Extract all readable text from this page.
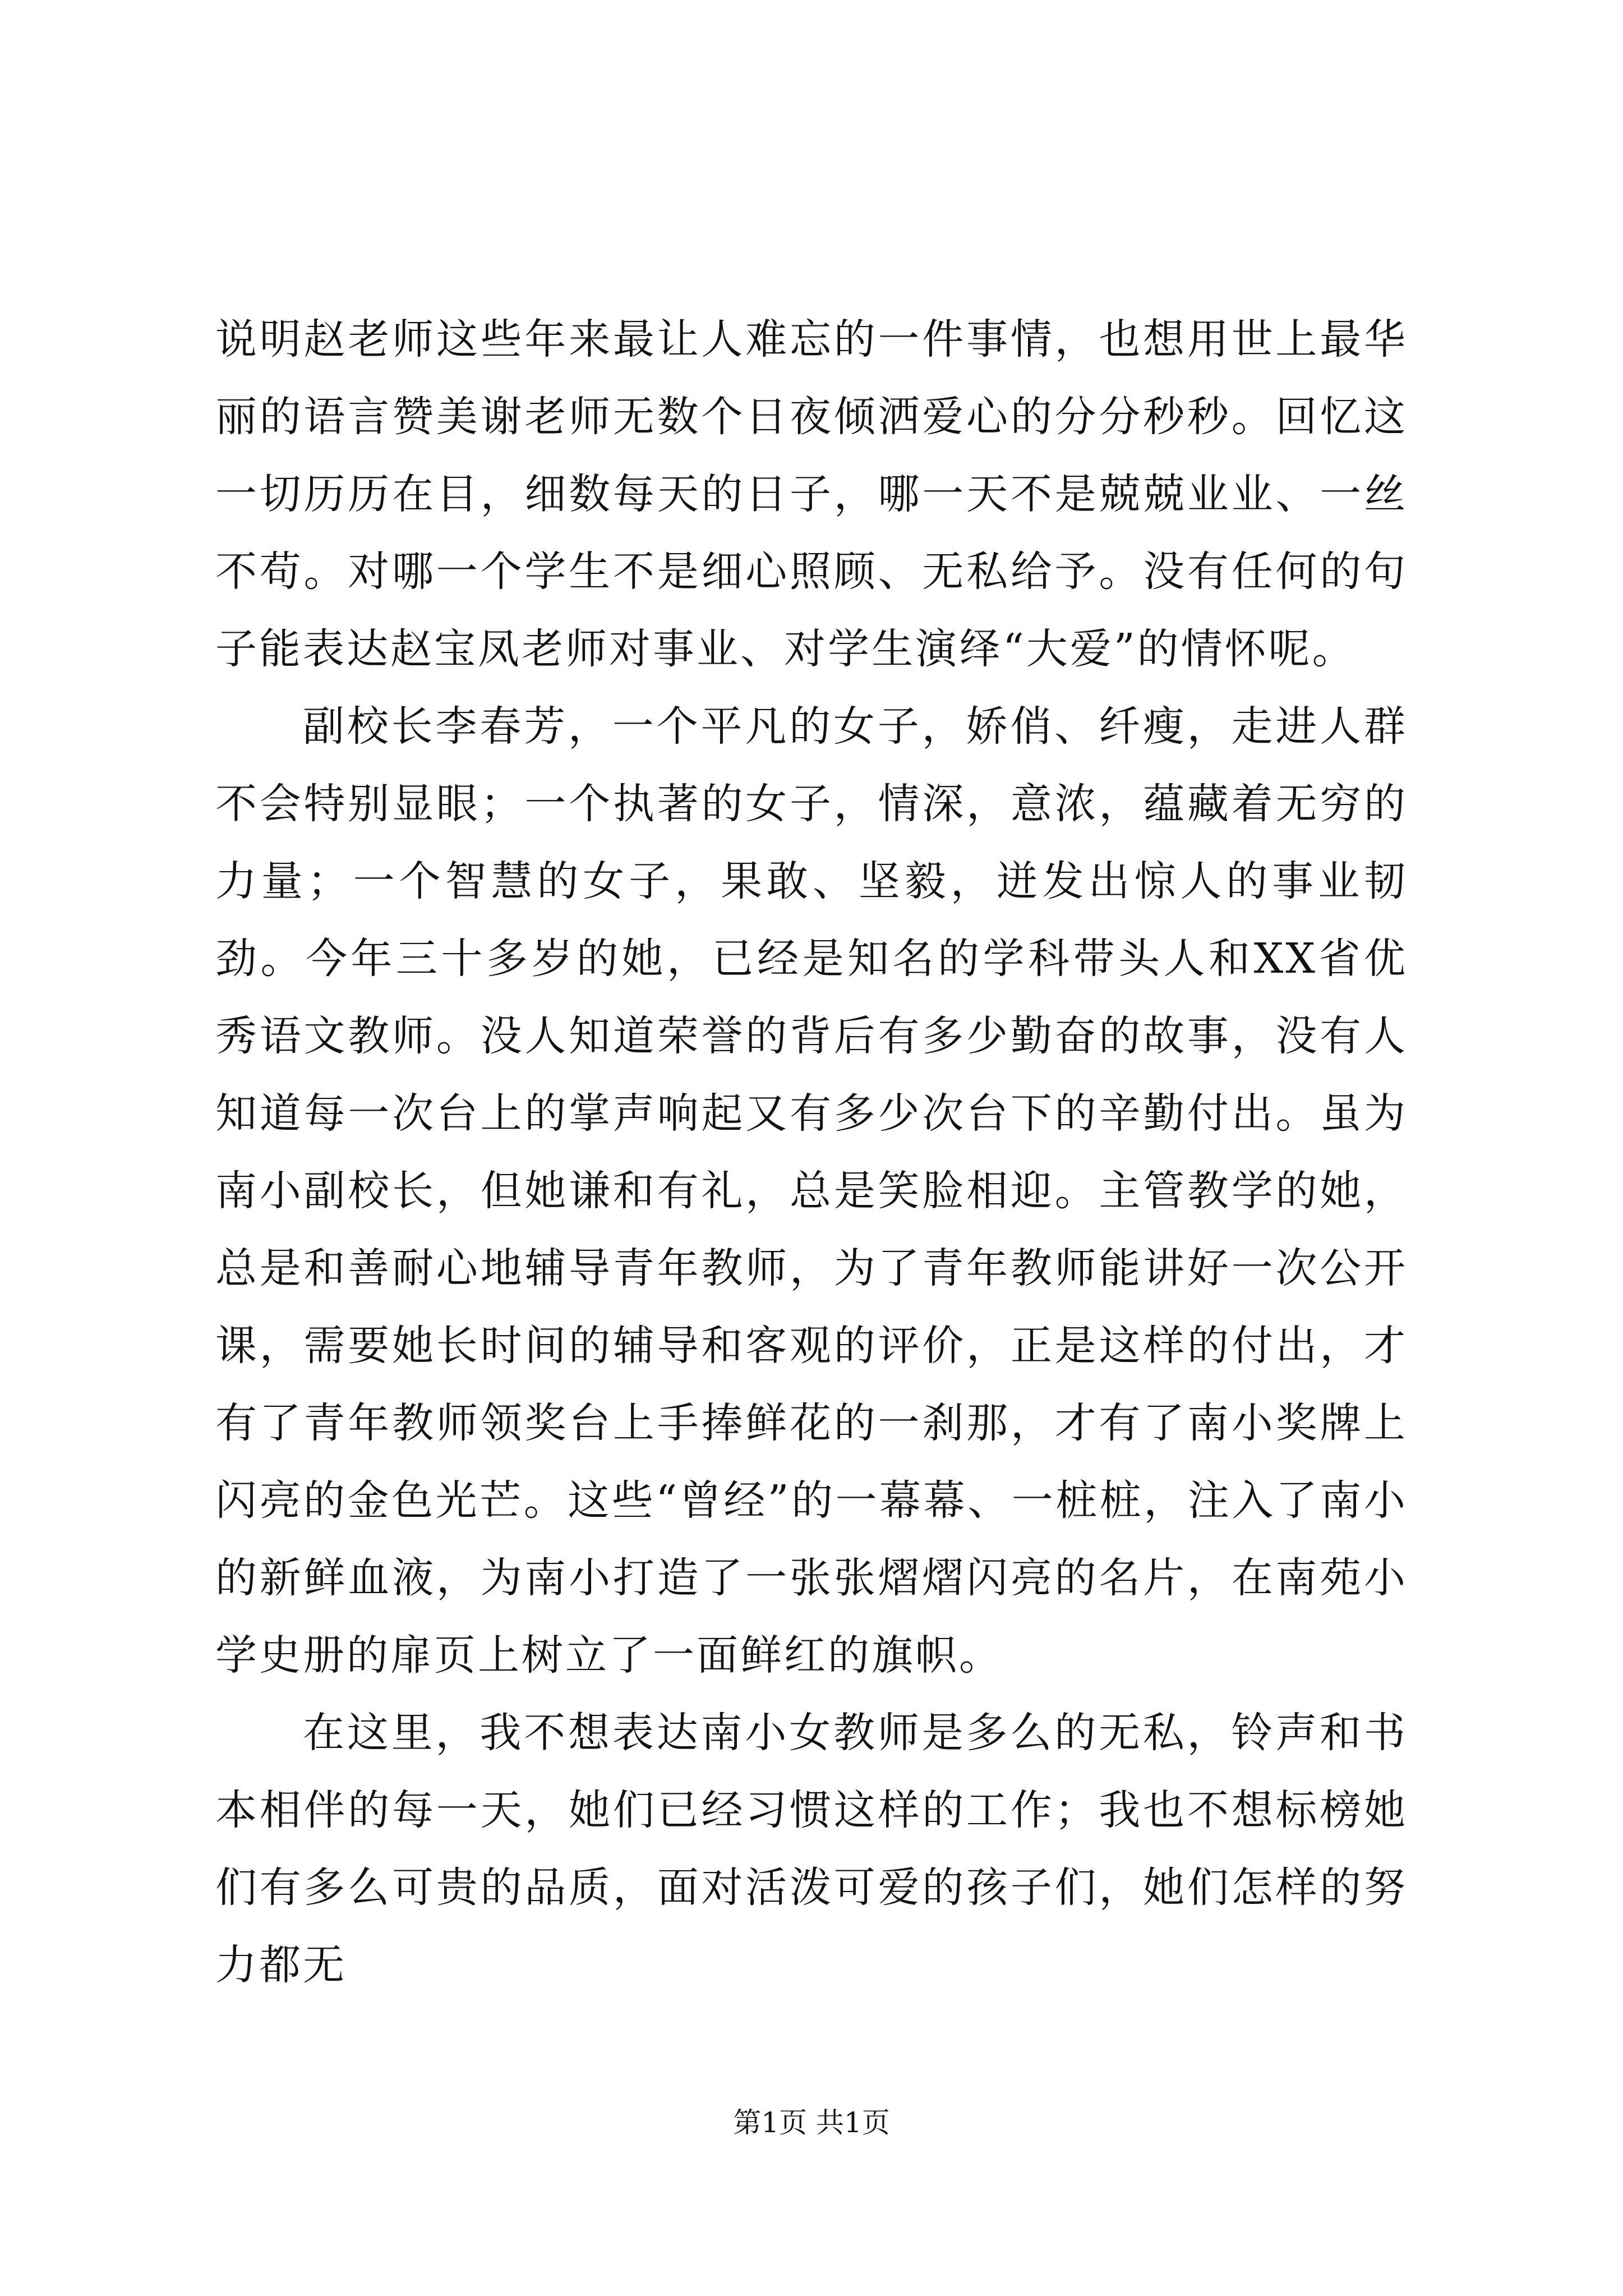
说明赵老师这些年来最让人难忘的一件事情，也想用世上最华丽的语言赞美谢老师无数个日夜倾洒爱心的分分秒秒。回忆这一切历历在目，细数每天的日子，哪一天不是兢兢业业、一丝不苟。对哪一个学生不是细心照顾、无私给予。没有任何的句子能表达赵宝凤老师对事业、对学生演绎“大爱”的情怀呢。

副校长李春芳，一个平凡的女子，娇俏、纤瘦，走进人群不会特别显眼；一个执著的女子，情深，意浓，蕴藏着无穷的力量；一个智慧的女子，果敢、坚毅，迸发出惊人的事业韧劲。今年三十多岁的她，已经是知名的学科带头人和XX省优秀语文教师。没人知道荣誉的背后有多少勤奋的故事，没有人知道每一次台上的掌声响起又有多少次台下的辛勤付出。虽为南小副校长，但她谦和有礼，总是笑脸相迎。主管教学的她，总是和善耐心地辅导青年教师，为了青年教师能讲好一次公开课，需要她长时间的辅导和客观的评价，正是这样的付出，才有了青年教师领奖台上手捧鲜花的一刹那，才有了南小奖牌上闪亮的金色光芒。这些“曾经”的一幕幕、一桩桩，注入了南小的新鲜血液，为南小打造了一张张熠熠闪亮的名片，在南苑小学史册的扉页上树立了一面鲜红的旗帜。

在这里，我不想表达南小女教师是多么的无私，铃声和书本相伴的每一天，她们已经习惯这样的工作；我也不想标榜她们有多么可贵的品质，面对活泼可爱的孩子们，她们怎样的努力都无

第1页 共1页
